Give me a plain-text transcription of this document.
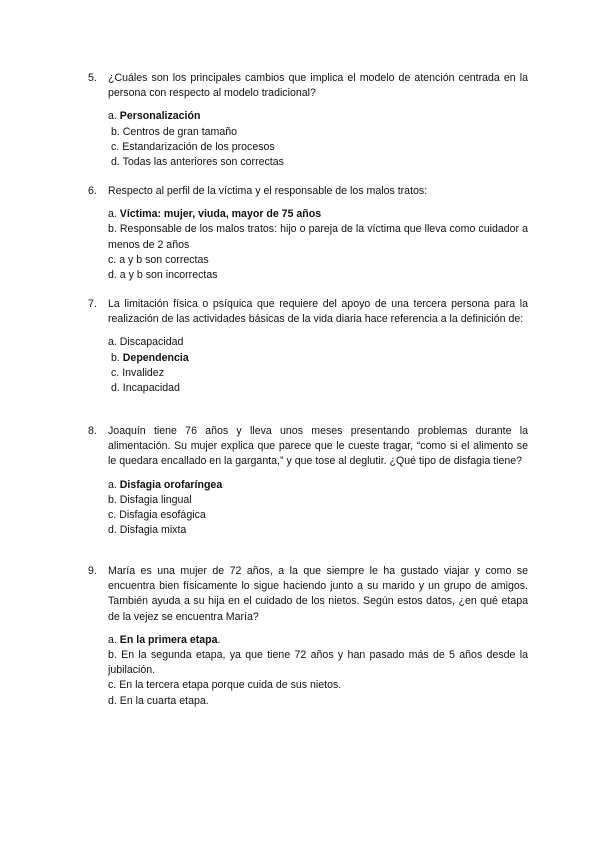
5.	¿Cuáles son los principales cambios que implica el modelo de atención centrada en la persona con respecto al modelo tradicional?
a. Personalización
b. Centros de gran tamaño
c. Estandarización de los procesos
d. Todas las anteriores son correctas
6.	Respecto al perfil de la víctima y el responsable de los malos tratos:
a. Víctima: mujer, viuda, mayor de 75 años
b. Responsable de los malos tratos: hijo o pareja de la víctima que lleva como cuidador a menos de 2 años
c. a y b son correctas
d. a y b son incorrectas
7.	La limitación física o psíquica que requiere del apoyo de una tercera persona para la realización de las actividades básicas de la vida diaria hace referencia a la definición de:
a. Discapacidad
b. Dependencia
c. Invalidez
d. Incapacidad
8.	Joaquín tiene 76 años y lleva unos meses presentando problemas durante la alimentación. Su mujer explica que parece que le cueste tragar, “como si el alimento se le quedara encallado en la garganta,” y que tose al deglutir. ¿Qué tipo de disfagia tiene?
a. Disfagia orofaríngea
b. Disfagia lingual
c. Disfagia esofágica
d. Disfagia mixta
9.	María es una mujer de 72 años, a la que siempre le ha gustado viajar y como se encuentra bien físicamente lo sigue haciendo junto a su marido y un grupo de amigos. También ayuda a su hija en el cuidado de los nietos. Según estos datos, ¿en qué etapa de la vejez se encuentra María?
a. En la primera etapa.
b. En la segunda etapa, ya que tiene 72 años y han pasado más de 5 años desde la jubilación.
c. En la tercera etapa porque cuida de sus nietos.
d. En la cuarta etapa.
